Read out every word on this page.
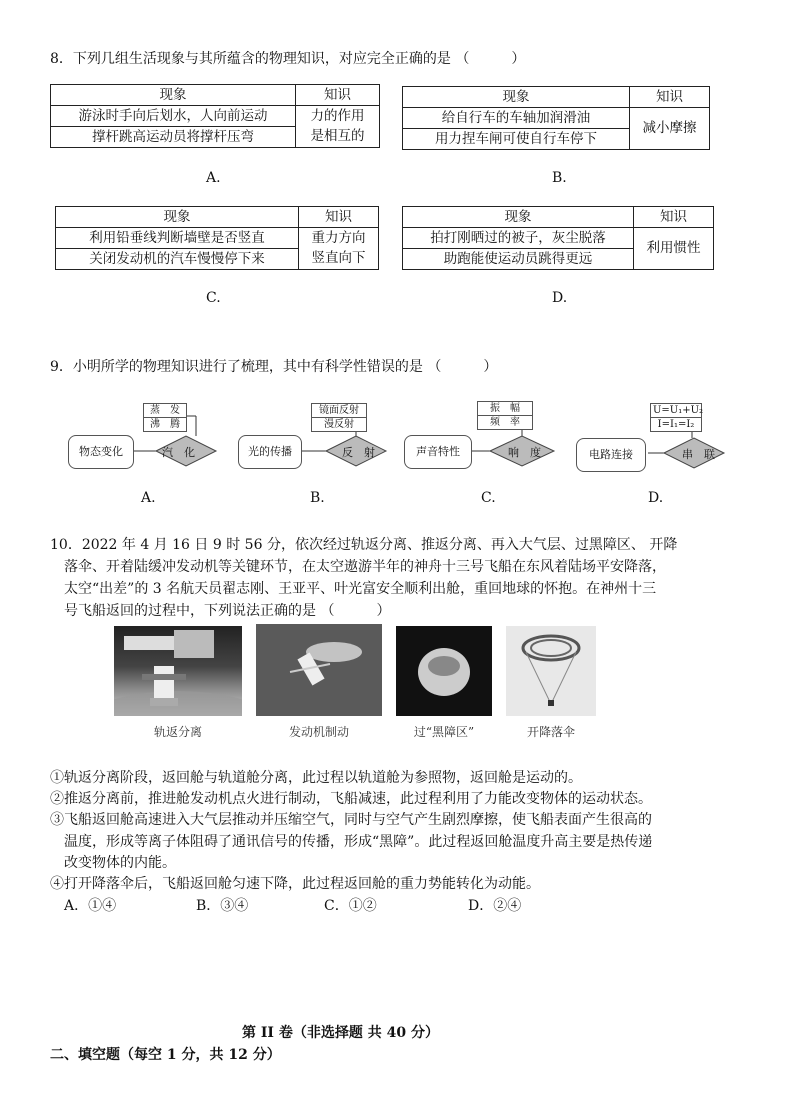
8．下列几组生活现象与其所蕴含的物理知识，对应完全正确的是 （　　　）
现象	知识
游泳时手向后划水，人向前运动	力的作用
撑杆跳高运动员将撑杆压弯	是相互的
A.
现象	知识
给自行车的车轴加润滑油	减小摩擦
用力捏车闸可使自行车停下	
B.
现象	知识
利用铅垂线判断墙壁是否竖直	重力方向
关闭发动机的汽车慢慢停下来	竖直向下
C.
现象	知识
拍打刚晒过的被子，灰尘脱落	利用惯性
助跑能使运动员跳得更远	
D.
9．小明所学的物理知识进行了梳理，其中有科学性错误的是 （　　　）
物态变化	汽　化
蒸　发
沸　腾
A.
光的传播	反　射
镜面反射
漫反射
B.
声音特性	响　度
振　幅
频　率
C.
电路连接	串　联
U=U₁+U₂
I=I₁=I₂
D.
10．2022 年 4 月 16 日 9 时 56 分，依次经过轨返分离、推返分离、再入大气层、过黑障区、 开降
落伞、开着陆缓冲发动机等关键环节，在太空遨游半年的神舟十三号飞船在东风着陆场平安降落，
太空“出差”的 3 名航天员翟志刚、王亚平、叶光富安全顺利出舱，重回地球的怀抱。在神州十三
号飞船返回的过程中，下列说法正确的是 （　　　）
轨返分离	发动机制动	过“黑障区”	开降落伞
①轨返分离阶段，返回舱与轨道舱分离，此过程以轨道舱为参照物，返回舱是运动的。
②推返分离前，推进舱发动机点火进行制动，飞船减速，此过程利用了力能改变物体的运动状态。
③飞船返回舱高速进入大气层推动并压缩空气，同时与空气产生剧烈摩擦，使飞船表面产生很高的
温度，形成等离子体阻碍了通讯信号的传播，形成“黑障”。此过程返回舱温度升高主要是热传递
改变物体的内能。
④打开降落伞后，飞船返回舱匀速下降，此过程返回舱的重力势能转化为动能。
A．①④	B．③④	C．①②	D．②④
第 II 卷（非选择题 共 40 分）
二、填空题（每空 1 分，共 12 分）
